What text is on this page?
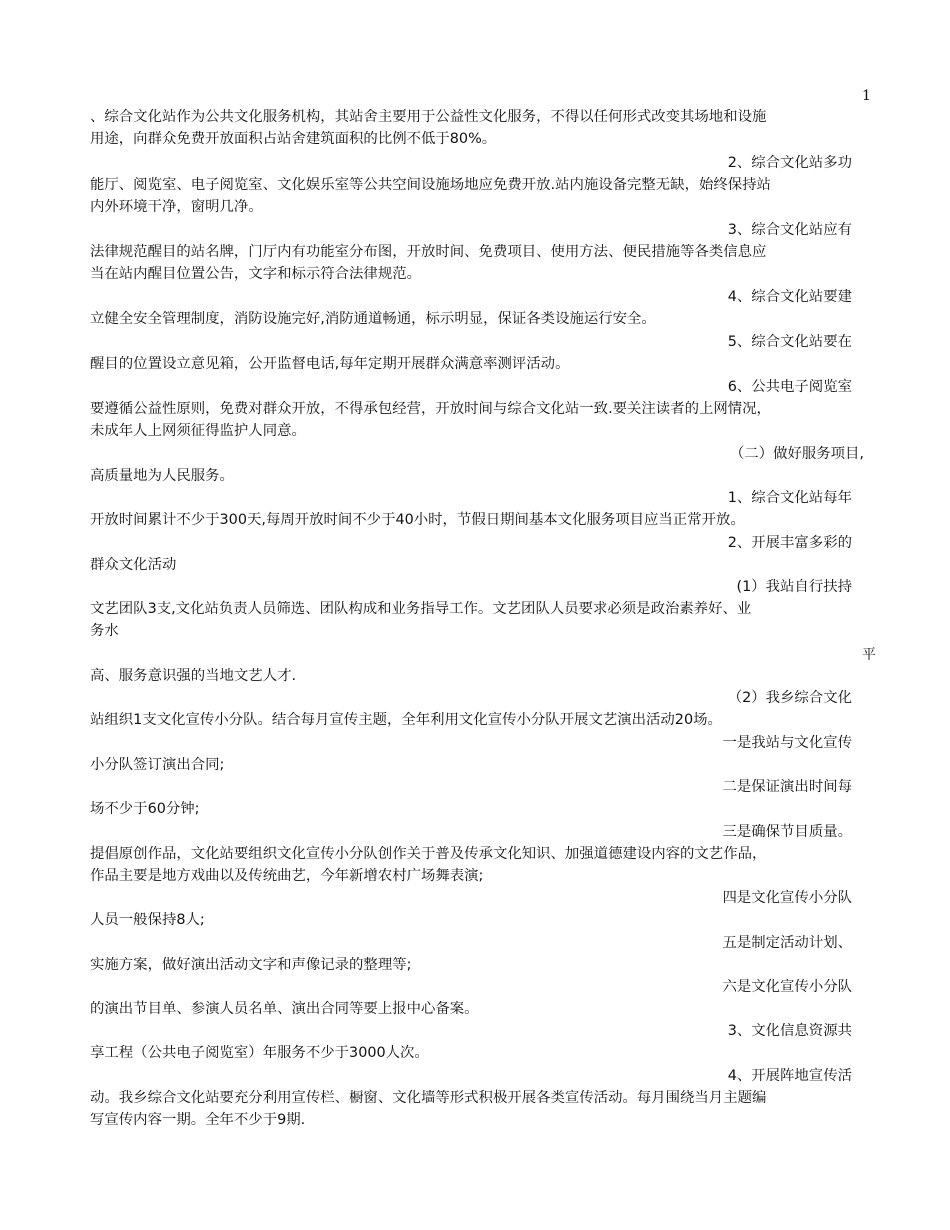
1
平
、综合文化站作为公共文化服务机构，其站舍主要用于公益性文化服务，不得以任何形式改变其场地和设施
用途，向群众免费开放面积占站舍建筑面积的比例不低于80%。
2、综合文化站多功
能厅、阅览室、电子阅览室、文化娱乐室等公共空间设施场地应免费开放.站内施设备完整无缺，始终保持站
内外环境干净，窗明几净。
3、综合文化站应有
法律规范醒目的站名牌，门厅内有功能室分布图，开放时间、免费项目、使用方法、便民措施等各类信息应
当在站内醒目位置公告，文字和标示符合法律规范。
4、综合文化站要建
立健全安全管理制度，消防设施完好,消防通道畅通，标示明显，保证各类设施运行安全。
5、综合文化站要在
醒目的位置设立意见箱，公开监督电话,每年定期开展群众满意率测评活动。
6、公共电子阅览室
要遵循公益性原则，免费对群众开放，不得承包经营，开放时间与综合文化站一致.要关注读者的上网情况，
未成年人上网须征得监护人同意。
（二）做好服务项目,
高质量地为人民服务。
1、综合文化站每年
开放时间累计不少于300天,每周开放时间不少于40小时，节假日期间基本文化服务项目应当正常开放。
2、开展丰富多彩的
群众文化活动
(1）我站自行扶持
文艺团队3支,文化站负责人员筛选、团队构成和业务指导工作。文艺团队人员要求必须是政治素养好、业
务水
高、服务意识强的当地文艺人才.
（2）我乡综合文化
站组织1支文化宣传小分队。结合每月宣传主题，全年利用文化宣传小分队开展文艺演出活动20场。
一是我站与文化宣传
小分队签订演出合同;
二是保证演出时间每
场不少于60分钟;
三是确保节目质量。
提倡原创作品，文化站要组织文化宣传小分队创作关于普及传承文化知识、加强道德建设内容的文艺作品，
作品主要是地方戏曲以及传统曲艺，今年新增农村广场舞表演;
四是文化宣传小分队
人员一般保持8人;
五是制定活动计划、
实施方案，做好演出活动文字和声像记录的整理等;
六是文化宣传小分队
的演出节目单、参演人员名单、演出合同等要上报中心备案。
3、文化信息资源共
享工程（公共电子阅览室）年服务不少于3000人次。
4、开展阵地宣传活
动。我乡综合文化站要充分利用宣传栏、橱窗、文化墙等形式积极开展各类宣传活动。每月围绕当月主题编
写宣传内容一期。全年不少于9期.
